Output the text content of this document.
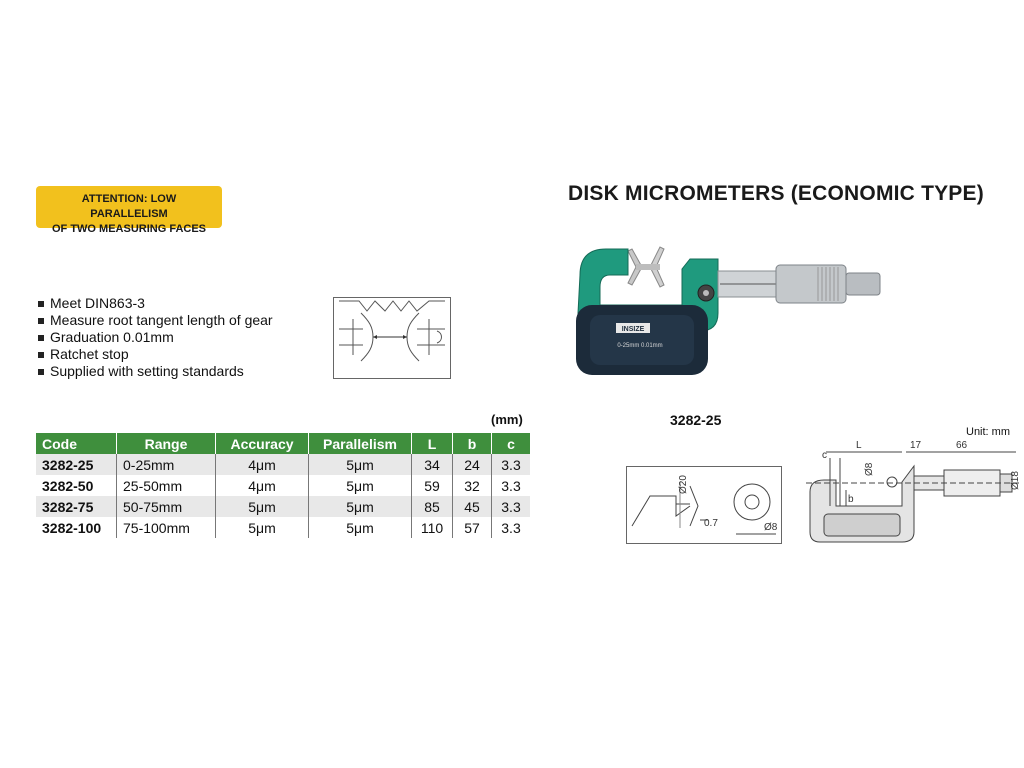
ATTENTION: LOW PARALLELISM
OF TWO MEASURING FACES
DISK MICROMETERS (ECONOMIC TYPE)
Meet DIN863-3
Measure root tangent length of gear
Graduation 0.01mm
Ratchet stop
Supplied with setting standards
(mm)
Code	Range	Accuracy	Parallelism	L	b	c
3282-25	0-25mm	4μm	5μm	34	24	3.3
3282-50	25-50mm	4μm	5μm	59	32	3.3
3282-75	50-75mm	5μm	5μm	85	45	3.3
3282-100	75-100mm	5μm	5μm	110	57	3.3
INSIZE
0-25mm 0.01mm
3282-25
Unit: mm
Ø20
0.7	Ø8
c
L
Ø8
17	66
Ø18
b
